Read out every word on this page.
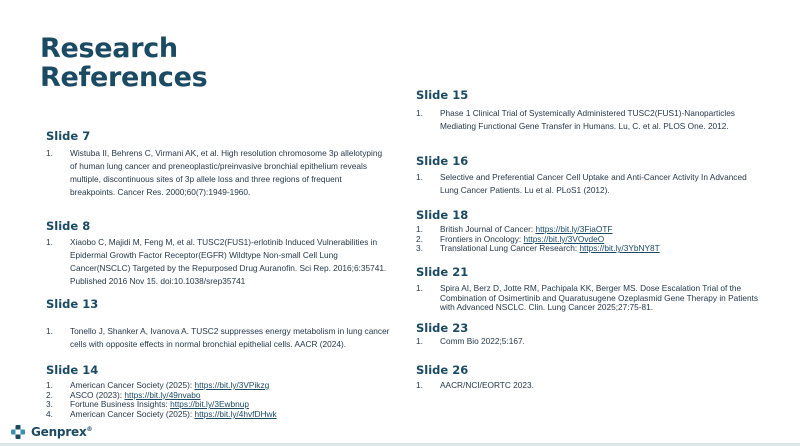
Research
References
Slide 7
1. Wistuba II, Behrens C, Virmani AK, et al. High resolution chromosome 3p allelotyping of human lung cancer and preneoplastic/preinvasive bronchial epithelium reveals multiple, discontinuous sites of 3p allele loss and three regions of frequent breakpoints. Cancer Res. 2000;60(7):1949-1960.
Slide 8
1. Xiaobo C, Majidi M, Feng M, et al. TUSC2(FUS1)-erlotinib Induced Vulnerabilities in Epidermal Growth Factor Receptor(EGFR) Wildtype Non-small Cell Lung Cancer(NSCLC) Targeted by the Repurposed Drug Auranofin. Sci Rep. 2016;6:35741. Published 2016 Nov 15. doi:10.1038/srep35741
Slide 13
1. Tonello J, Shanker A, Ivanova A. TUSC2 suppresses energy metabolism in lung cancer cells with opposite effects in normal bronchial epithelial cells. AACR (2024).
Slide 14
1. American Cancer Society (2025): https://bit.ly/3VPikzg
2. ASCO (2023): https://bit.ly/49nvabo
3. Fortune Business Insights: https://bit.ly/3Ewbnup
4. American Cancer Society (2025): https://bit.ly/4hvfDHwk
Slide 15
1. Phase 1 Clinical Trial of Systemically Administered TUSC2(FUS1)-Nanoparticles Mediating Functional Gene Transfer in Humans. Lu, C. et al. PLOS One. 2012.
Slide 16
1. Selective and Preferential Cancer Cell Uptake and Anti-Cancer Activity In Advanced Lung Cancer Patients. Lu et al. PLoS1 (2012).
Slide 18
1. British Journal of Cancer: https://bit.ly/3FiaOTF
2. Frontiers in Oncology: https://bit.ly/3VOvdeO
3. Translational Lung Cancer Research: https://bit.ly/3YbNY8T
Slide 21
1. Spira AI, Berz D, Jotte RM, Pachipala KK, Berger MS. Dose Escalation Trial of the Combination of Osimertinib and Quaratusugene Ozeplasmid Gene Therapy in Patients with Advanced NSCLC. Clin. Lung Cancer 2025;27:75-81.
Slide 23
1. Comm Bio 2022;5:167.
Slide 26
1. AACR/NCI/EORTC 2023.
Genprex®
